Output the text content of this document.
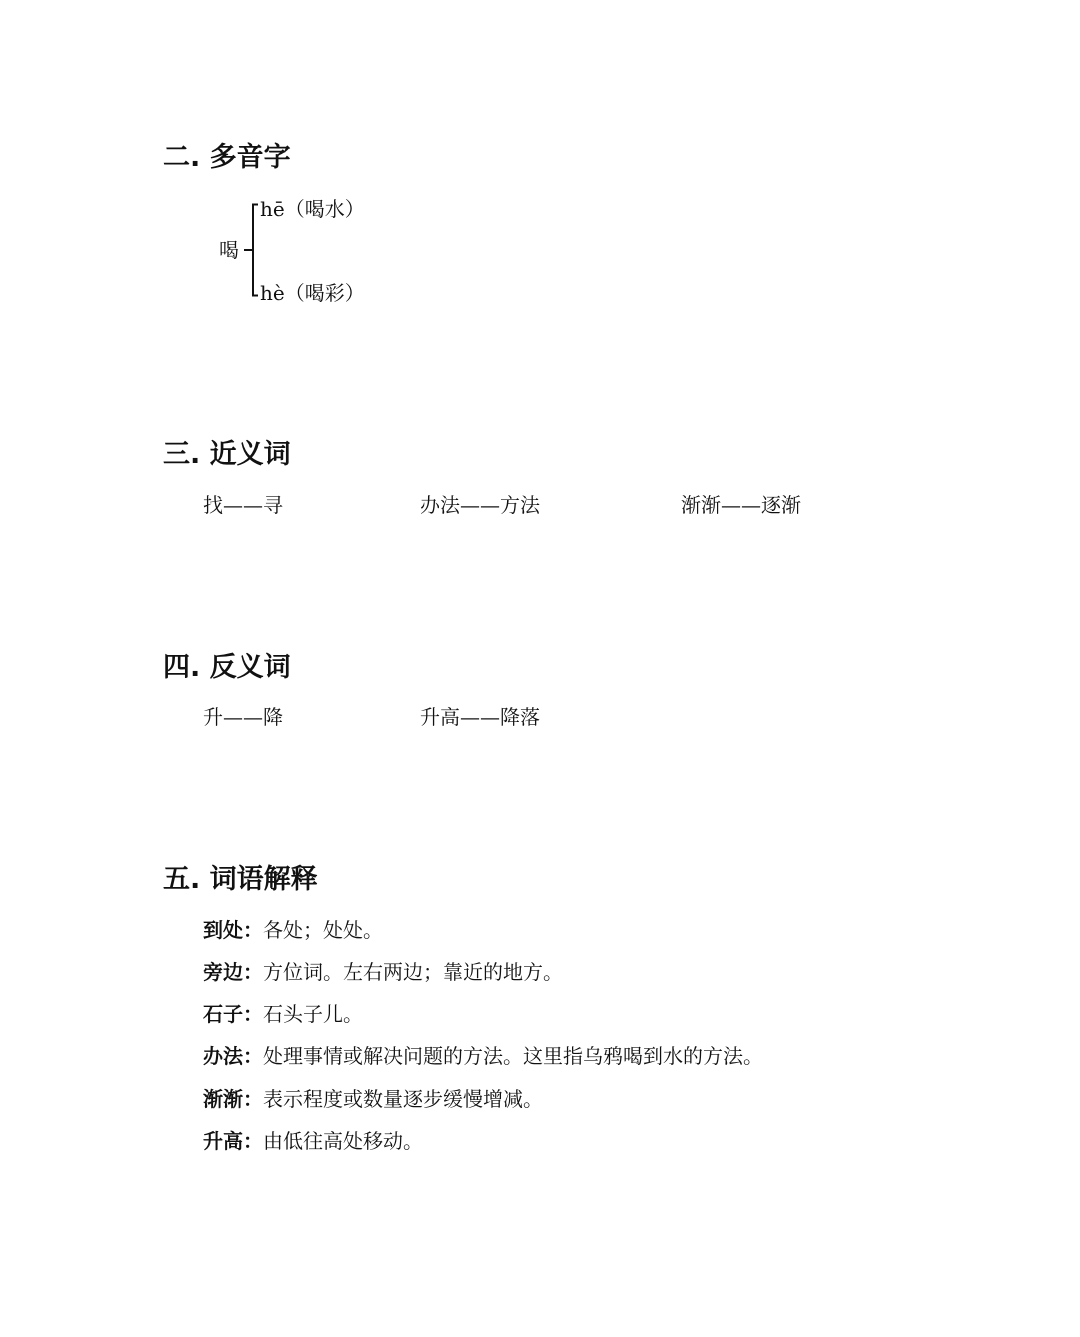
二. 多音字
喝
hē（喝水）
hè（喝彩）
三. 近义词
找——寻	办法——方法	渐渐——逐渐
四. 反义词
升——降	升高——降落
五. 词语解释
到处：各处；处处。
旁边：方位词。左右两边；靠近的地方。
石子：石头子儿。
办法：处理事情或解决问题的方法。这里指乌鸦喝到水的方法。
渐渐：表示程度或数量逐步缓慢增减。
升高：由低往高处移动。
